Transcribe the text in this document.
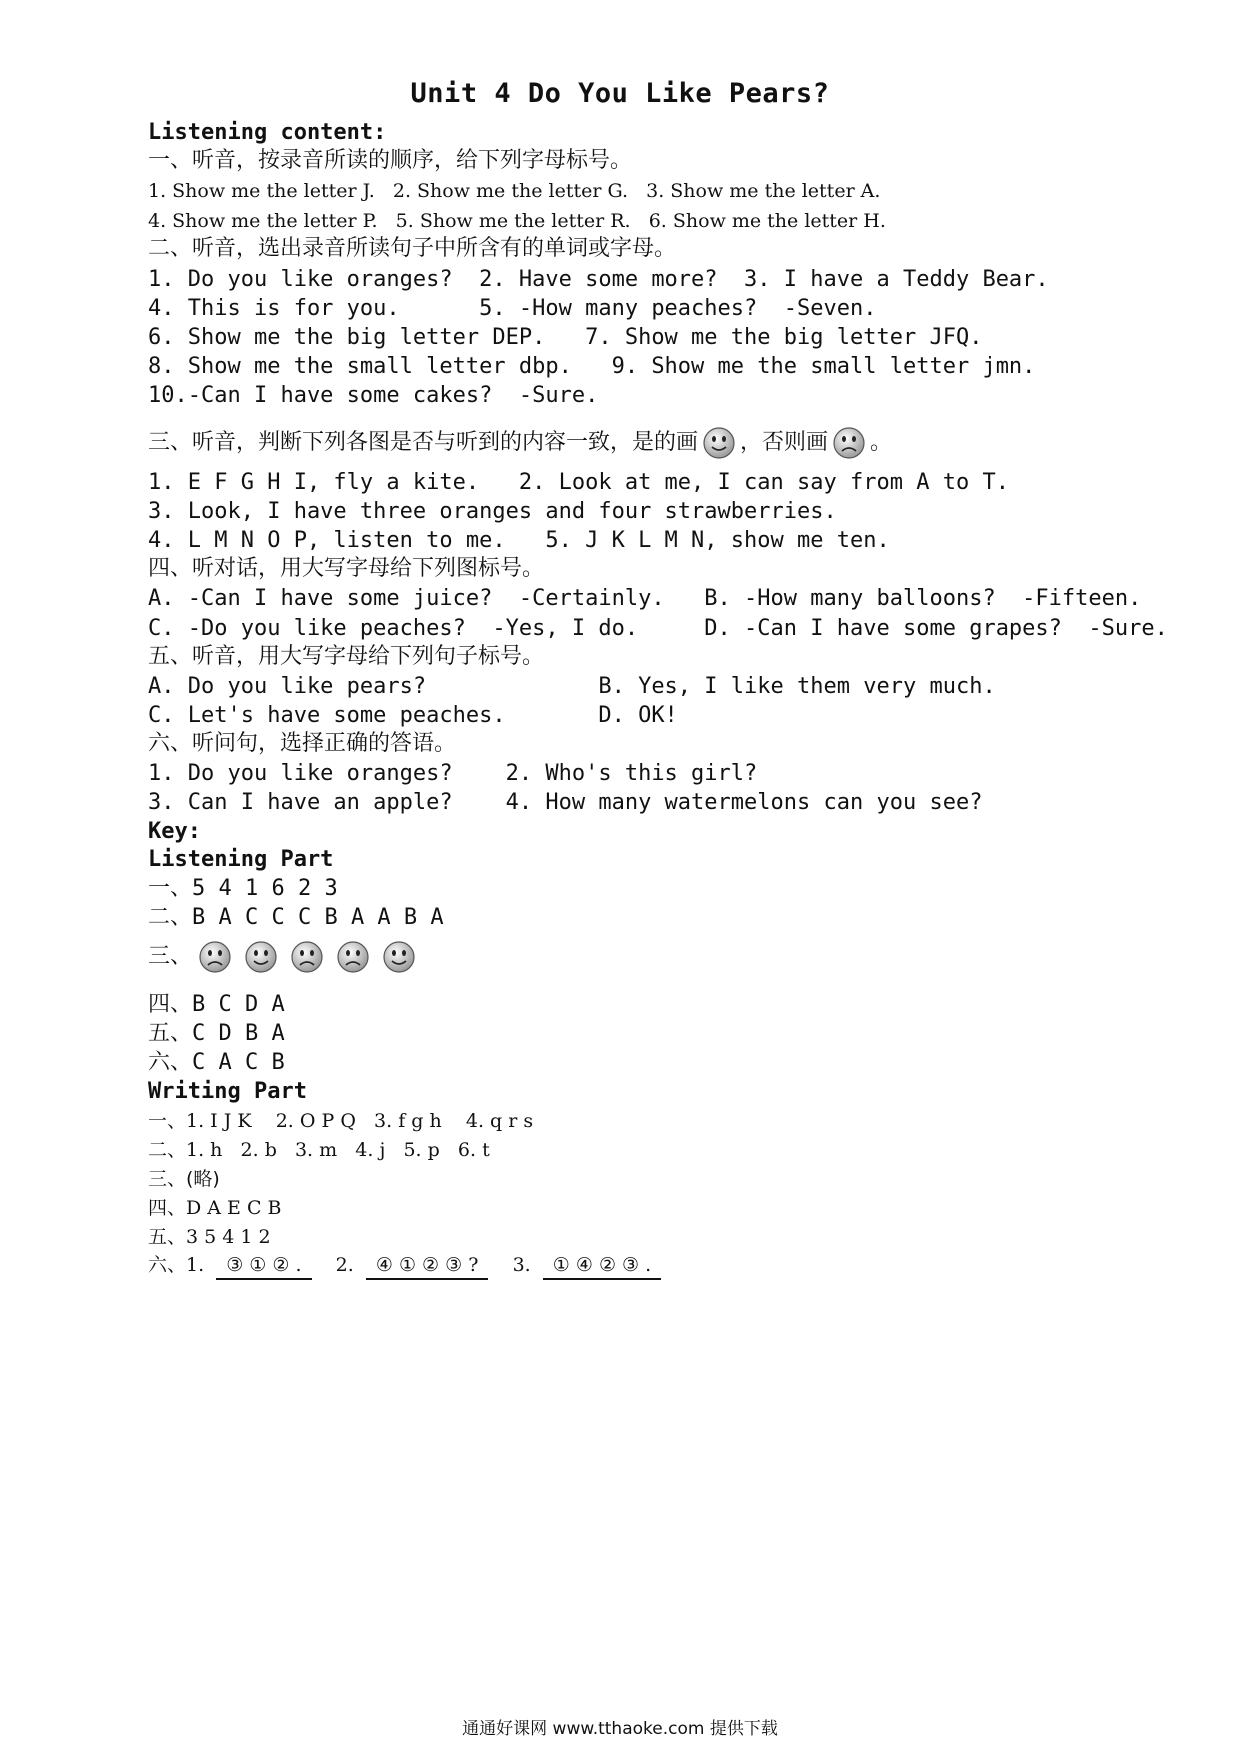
Unit 4 Do You Like Pears?
Listening content:
一、听音，按录音所读的顺序，给下列字母标号。
1. Show me the letter J.   2. Show me the letter G.   3. Show me the letter A.
4. Show me the letter P.   5. Show me the letter R.   6. Show me the letter H.
二、听音，选出录音所读句子中所含有的单词或字母。
1. Do you like oranges?  2. Have some more?  3. I have a Teddy Bear.
4. This is for you.      5. -How many peaches?  -Seven.
6. Show me the big letter DEP.   7. Show me the big letter JFQ.
8. Show me the small letter dbp.   9. Show me the small letter jmn.
10.-Can I have some cakes?  -Sure.
三、听音，判断下列各图是否与听到的内容一致，是的画 ，否则画 。
1. E F G H I, fly a kite.   2. Look at me, I can say from A to T.
3. Look, I have three oranges and four strawberries.
4. L M N O P, listen to me.   5. J K L M N, show me ten.
四、听对话，用大写字母给下列图标号。
A. -Can I have some juice?  -Certainly.   B. -How many balloons?  -Fifteen.
C. -Do you like peaches?  -Yes, I do.     D. -Can I have some grapes?  -Sure.
五、听音，用大写字母给下列句子标号。
A. Do you like pears?             B. Yes, I like them very much.
C. Let's have some peaches.       D. OK!
六、听问句，选择正确的答语。
1. Do you like oranges?    2. Who's this girl?
3. Can I have an apple?    4. How many watermelons can you see?
Key:
Listening Part
一、5 4 1 6 2 3
二、B A C C C B A A B A
三、
四、B C D A
五、C D B A
六、C A C B
Writing Part
一、1. I J K    2. O P Q   3. f g h    4. q r s
二、1. h   2. b   3. m   4. j   5. p   6. t
三、(略)
四、D A E C B
五、3 5 4 1 2
六、1. ③ ① ② . 2. ④ ① ② ③ ? 3. ① ④ ② ③ .
通通好课网 www.tthaoke.com 提供下载
